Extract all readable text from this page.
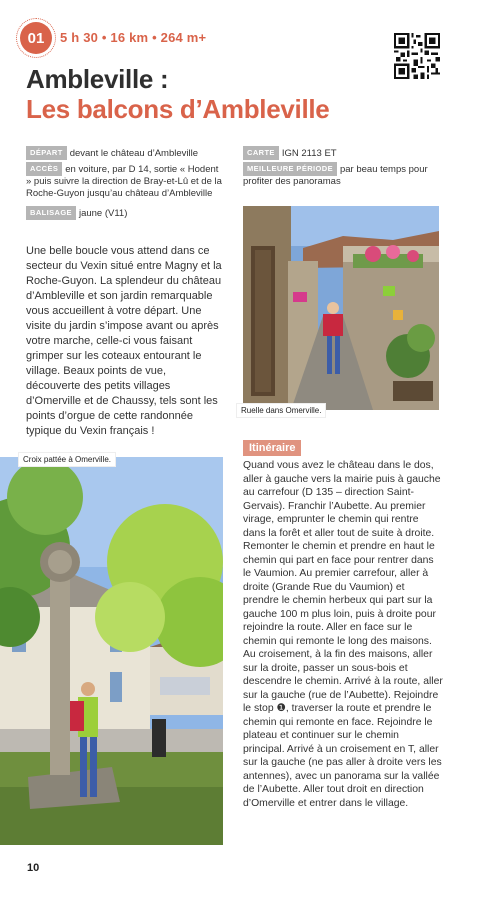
01	5 h 30 • 16 km • 264 m+
Ambleville :
Les balcons d’Ambleville
DÉPART devant le château d’Ambleville
ACCÈS en voiture, par D 14, sortie « Hodent » puis suivre la direction de Bray-et-Lû et de la Roche-Guyon jusqu’au château d’Ambleville
BALISAGE jaune (V11)
CARTE IGN 2113 ET
MEILLEURE PÉRIODE par beau temps pour profiter des panoramas
Une belle boucle vous attend dans ce secteur du Vexin situé entre Magny et la Roche-Guyon. La splendeur du château d’Ambleville et son jardin remarquable vous accueillent à votre départ. Une visite du jardin s’impose avant ou après votre marche, celle-ci vous faisant grimper sur les coteaux entourant le village. Beaux points de vue, découverte des petits villages d’Omerville et de Chaussy, tels sont les points d’orgue de cette randonnée typique du Vexin français !
Ruelle dans Omerville.
Itinéraire
Quand vous avez le château dans le dos, aller à gauche vers la mairie puis à gauche au carrefour (D 135 – direction Saint-Gervais). Franchir l’Aubette. Au premier virage, emprunter le chemin qui rentre dans la forêt et aller tout de suite à droite. Remonter le chemin et prendre en haut le chemin qui part en face pour rentrer dans le Vaumion. Au premier carrefour, aller à droite (Grande Rue du Vaumion) et prendre le chemin herbeux qui part sur la gauche 100 m plus loin, puis à droite pour rejoindre la route. Aller en face sur le chemin qui remonte le long des maisons. Au croisement, à la fin des maisons, aller sur la droite, passer un sous-bois et descendre le chemin. Arrivé à la route, aller sur la gauche (rue de l’Aubette). Rejoindre le stop ❶, traverser la route et prendre le chemin qui remonte en face. Rejoindre le plateau et continuer sur le chemin principal. Arrivé à un croisement en T, aller sur la gauche (ne pas aller à droite vers les antennes), avec un panorama sur la vallée de l’Aubette. Aller tout droit en direction d’Omerville et entrer dans le village.
Croix pattée à Omerville.
10
